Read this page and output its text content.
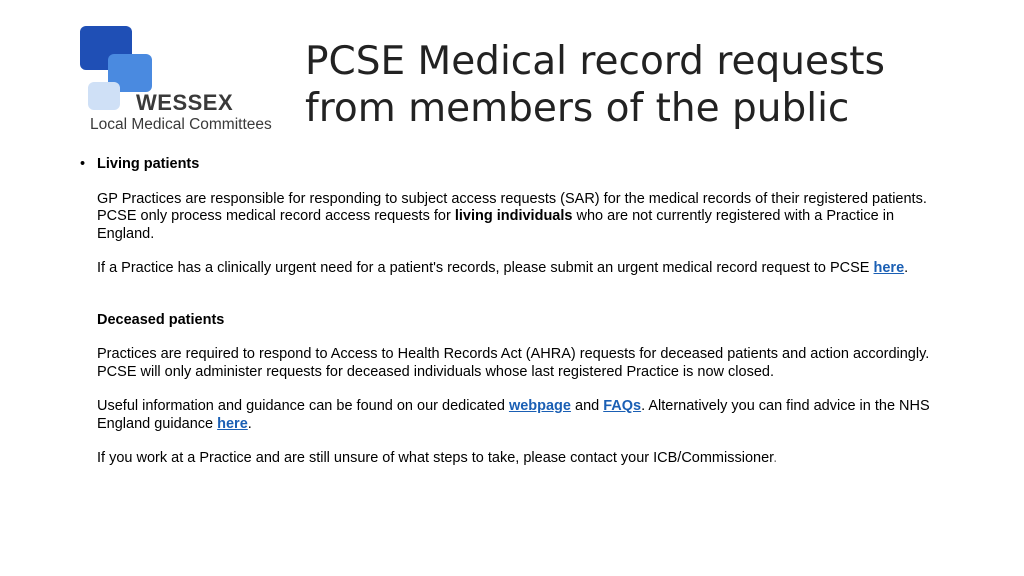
WESSEX
Local Medical Committees
PCSE Medical record requests
from members of the public
• Living patients

GP Practices are responsible for responding to subject access requests (SAR) for the medical records of their registered patients. PCSE only process medical record access requests for living individuals who are not currently registered with a Practice in England.

If a Practice has a clinically urgent need for a patient's records, please submit an urgent medical record request to PCSE here.

Deceased patients

Practices are required to respond to Access to Health Records Act (AHRA) requests for deceased patients and action accordingly. PCSE will only administer requests for deceased individuals whose last registered Practice is now closed.

Useful information and guidance can be found on our dedicated webpage and FAQs. Alternatively you can find advice in the NHS England guidance here.

If you work at a Practice and are still unsure of what steps to take, please contact your ICB/Commissioner.
